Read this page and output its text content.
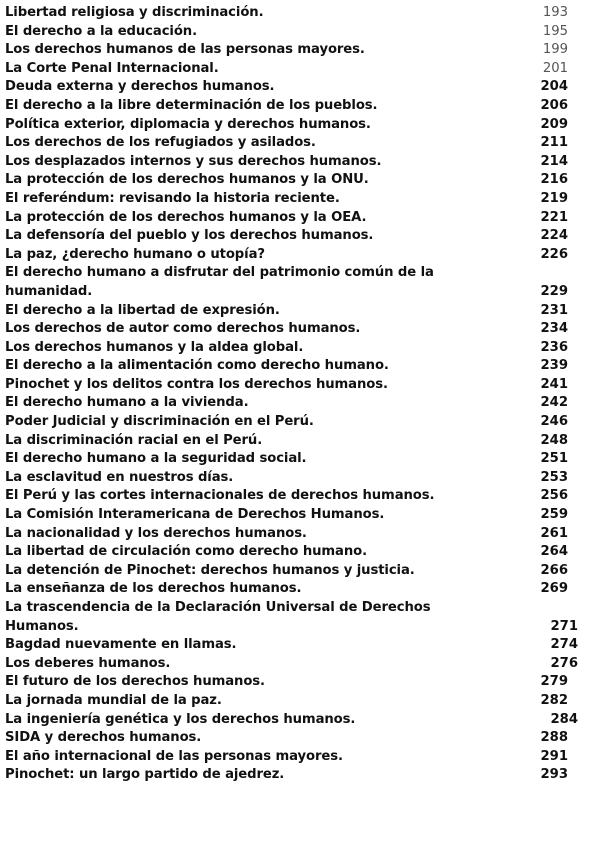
Libertad religiosa y discriminación.	193
El derecho a la educación.	195
Los derechos humanos de las personas mayores.	199
La Corte Penal Internacional.	201
Deuda externa y derechos humanos.	204
El derecho a la libre determinación de los pueblos.	206
Política exterior, diplomacia y derechos humanos.	209
Los derechos de los refugiados y asilados.	211
Los desplazados internos y sus derechos humanos.	214
La protección de los derechos humanos y la ONU.	216
El referéndum: revisando la historia reciente.	219
La protección de los derechos humanos y la OEA.	221
La defensoría del pueblo y los derechos humanos.	224
La paz, ¿derecho humano o utopía?	226
El derecho humano a disfrutar del patrimonio común de la humanidad.	229
El derecho a la libertad de expresión.	231
Los derechos de autor como derechos humanos.	234
Los derechos humanos y la aldea global.	236
El derecho a la alimentación como derecho humano.	239
Pinochet y los delitos contra los derechos humanos.	241
El derecho humano a la vivienda.	242
Poder Judicial y discriminación en el Perú.	246
La discriminación racial en el Perú.	248
El derecho humano a la seguridad social.	251
La esclavitud en nuestros días.	253
El Perú y las cortes internacionales de derechos humanos.	256
La Comisión Interamericana de Derechos Humanos.	259
La nacionalidad y los derechos humanos.	261
La libertad de circulación como derecho humano.	264
La detención de Pinochet: derechos humanos y justicia.	266
La enseñanza de los derechos humanos.	269
La trascendencia de la Declaración Universal de Derechos Humanos.	271
Bagdad nuevamente en llamas.	274
Los deberes humanos.	276
El futuro de los derechos humanos.	279
La jornada mundial de la paz.	282
La ingeniería genética y los derechos humanos.	284
SIDA y derechos humanos.	288
El año internacional de las personas mayores.	291
Pinochet: un largo partido de ajedrez.	293
